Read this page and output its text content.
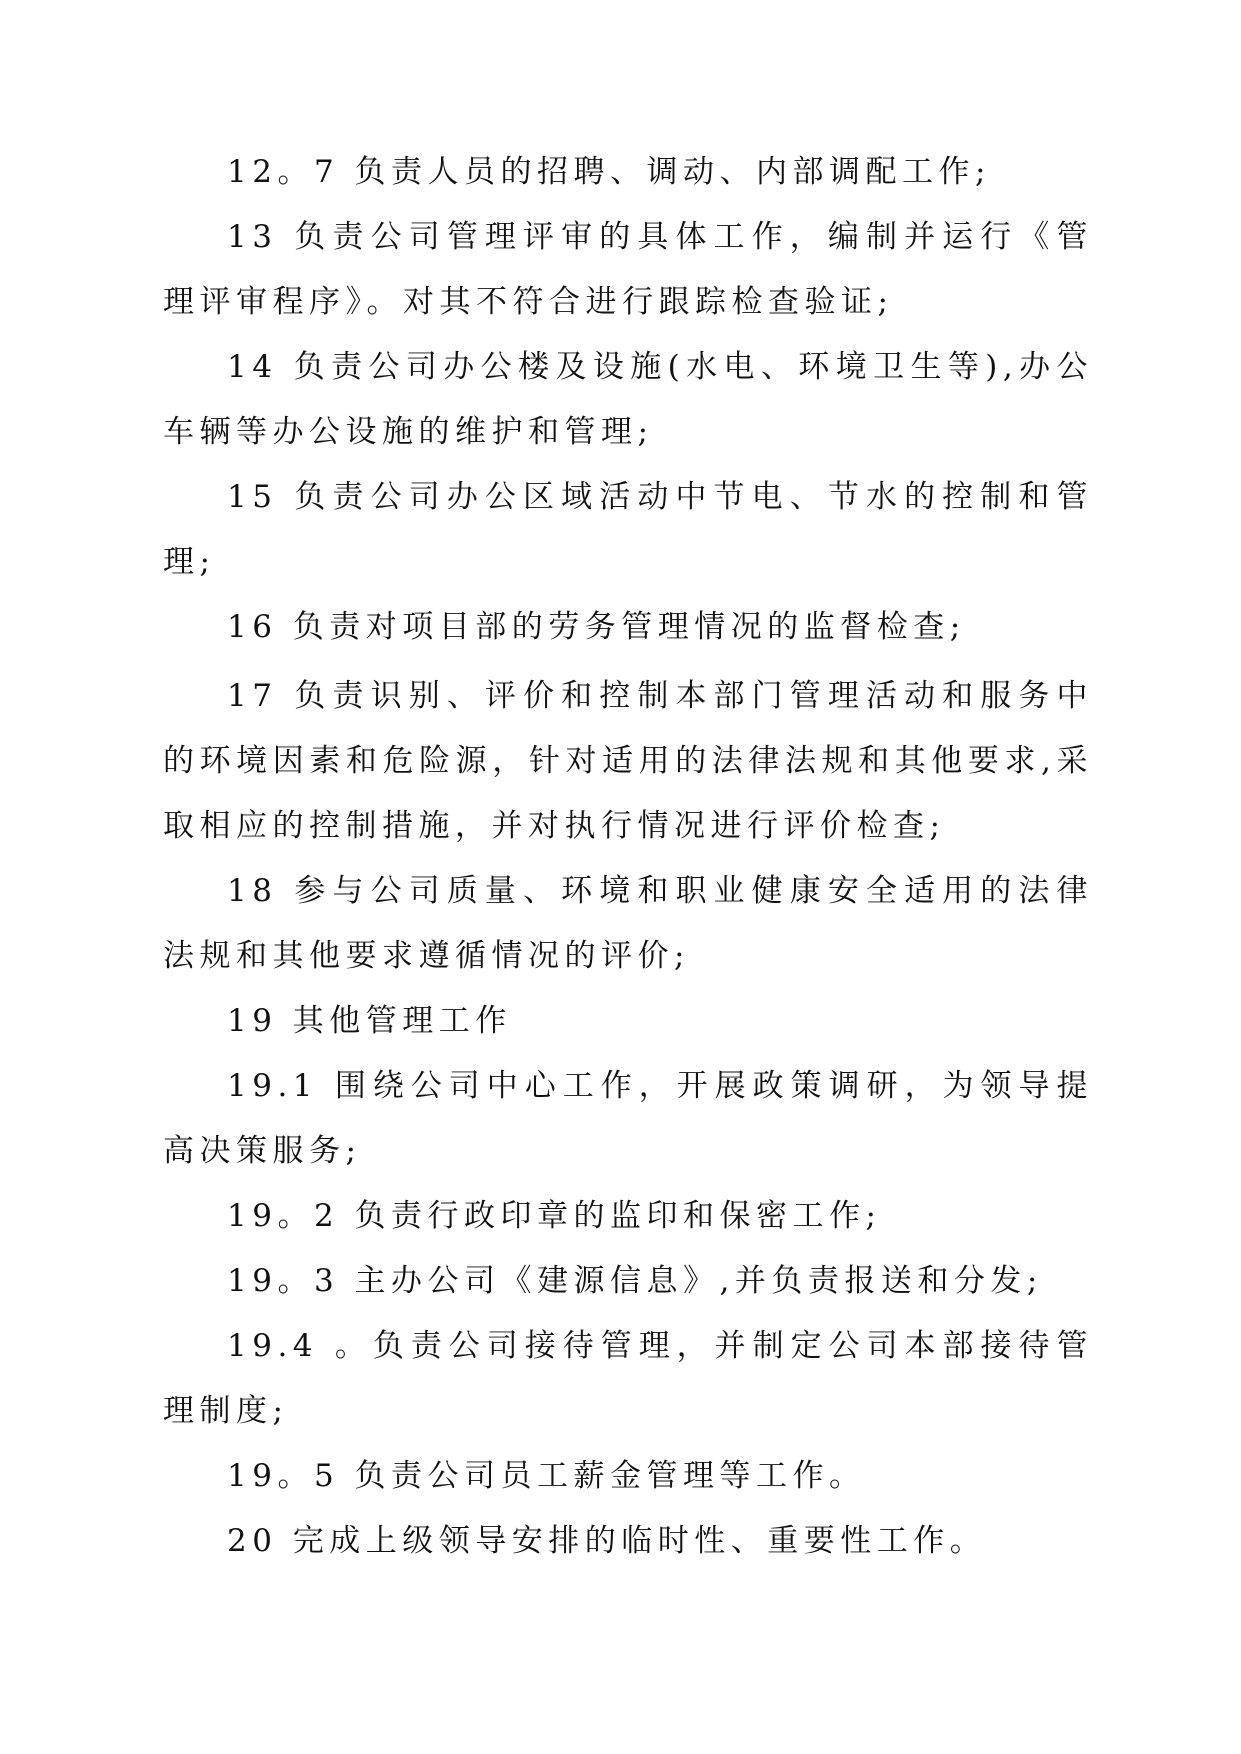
12。7 负责人员的招聘、调动、内部调配工作;

13 负责公司管理评审的具体工作，编制并运行《管理评审程序》。对其不符合进行跟踪检查验证;

14 负责公司办公楼及设施(水电、环境卫生等),办公车辆等办公设施的维护和管理;

15 负责公司办公区域活动中节电、节水的控制和管理;

16 负责对项目部的劳务管理情况的监督检查;

17 负责识别、评价和控制本部门管理活动和服务中的环境因素和危险源，针对适用的法律法规和其他要求,采取相应的控制措施，并对执行情况进行评价检查;

18 参与公司质量、环境和职业健康安全适用的法律法规和其他要求遵循情况的评价;

19 其他管理工作

19.1 围绕公司中心工作，开展政策调研，为领导提高决策服务;

19。2 负责行政印章的监印和保密工作;

19。3 主办公司《建源信息》,并负责报送和分发;

19.4 。负责公司接待管理，并制定公司本部接待管理制度;

19。5 负责公司员工薪金管理等工作。

20 完成上级领导安排的临时性、重要性工作。
